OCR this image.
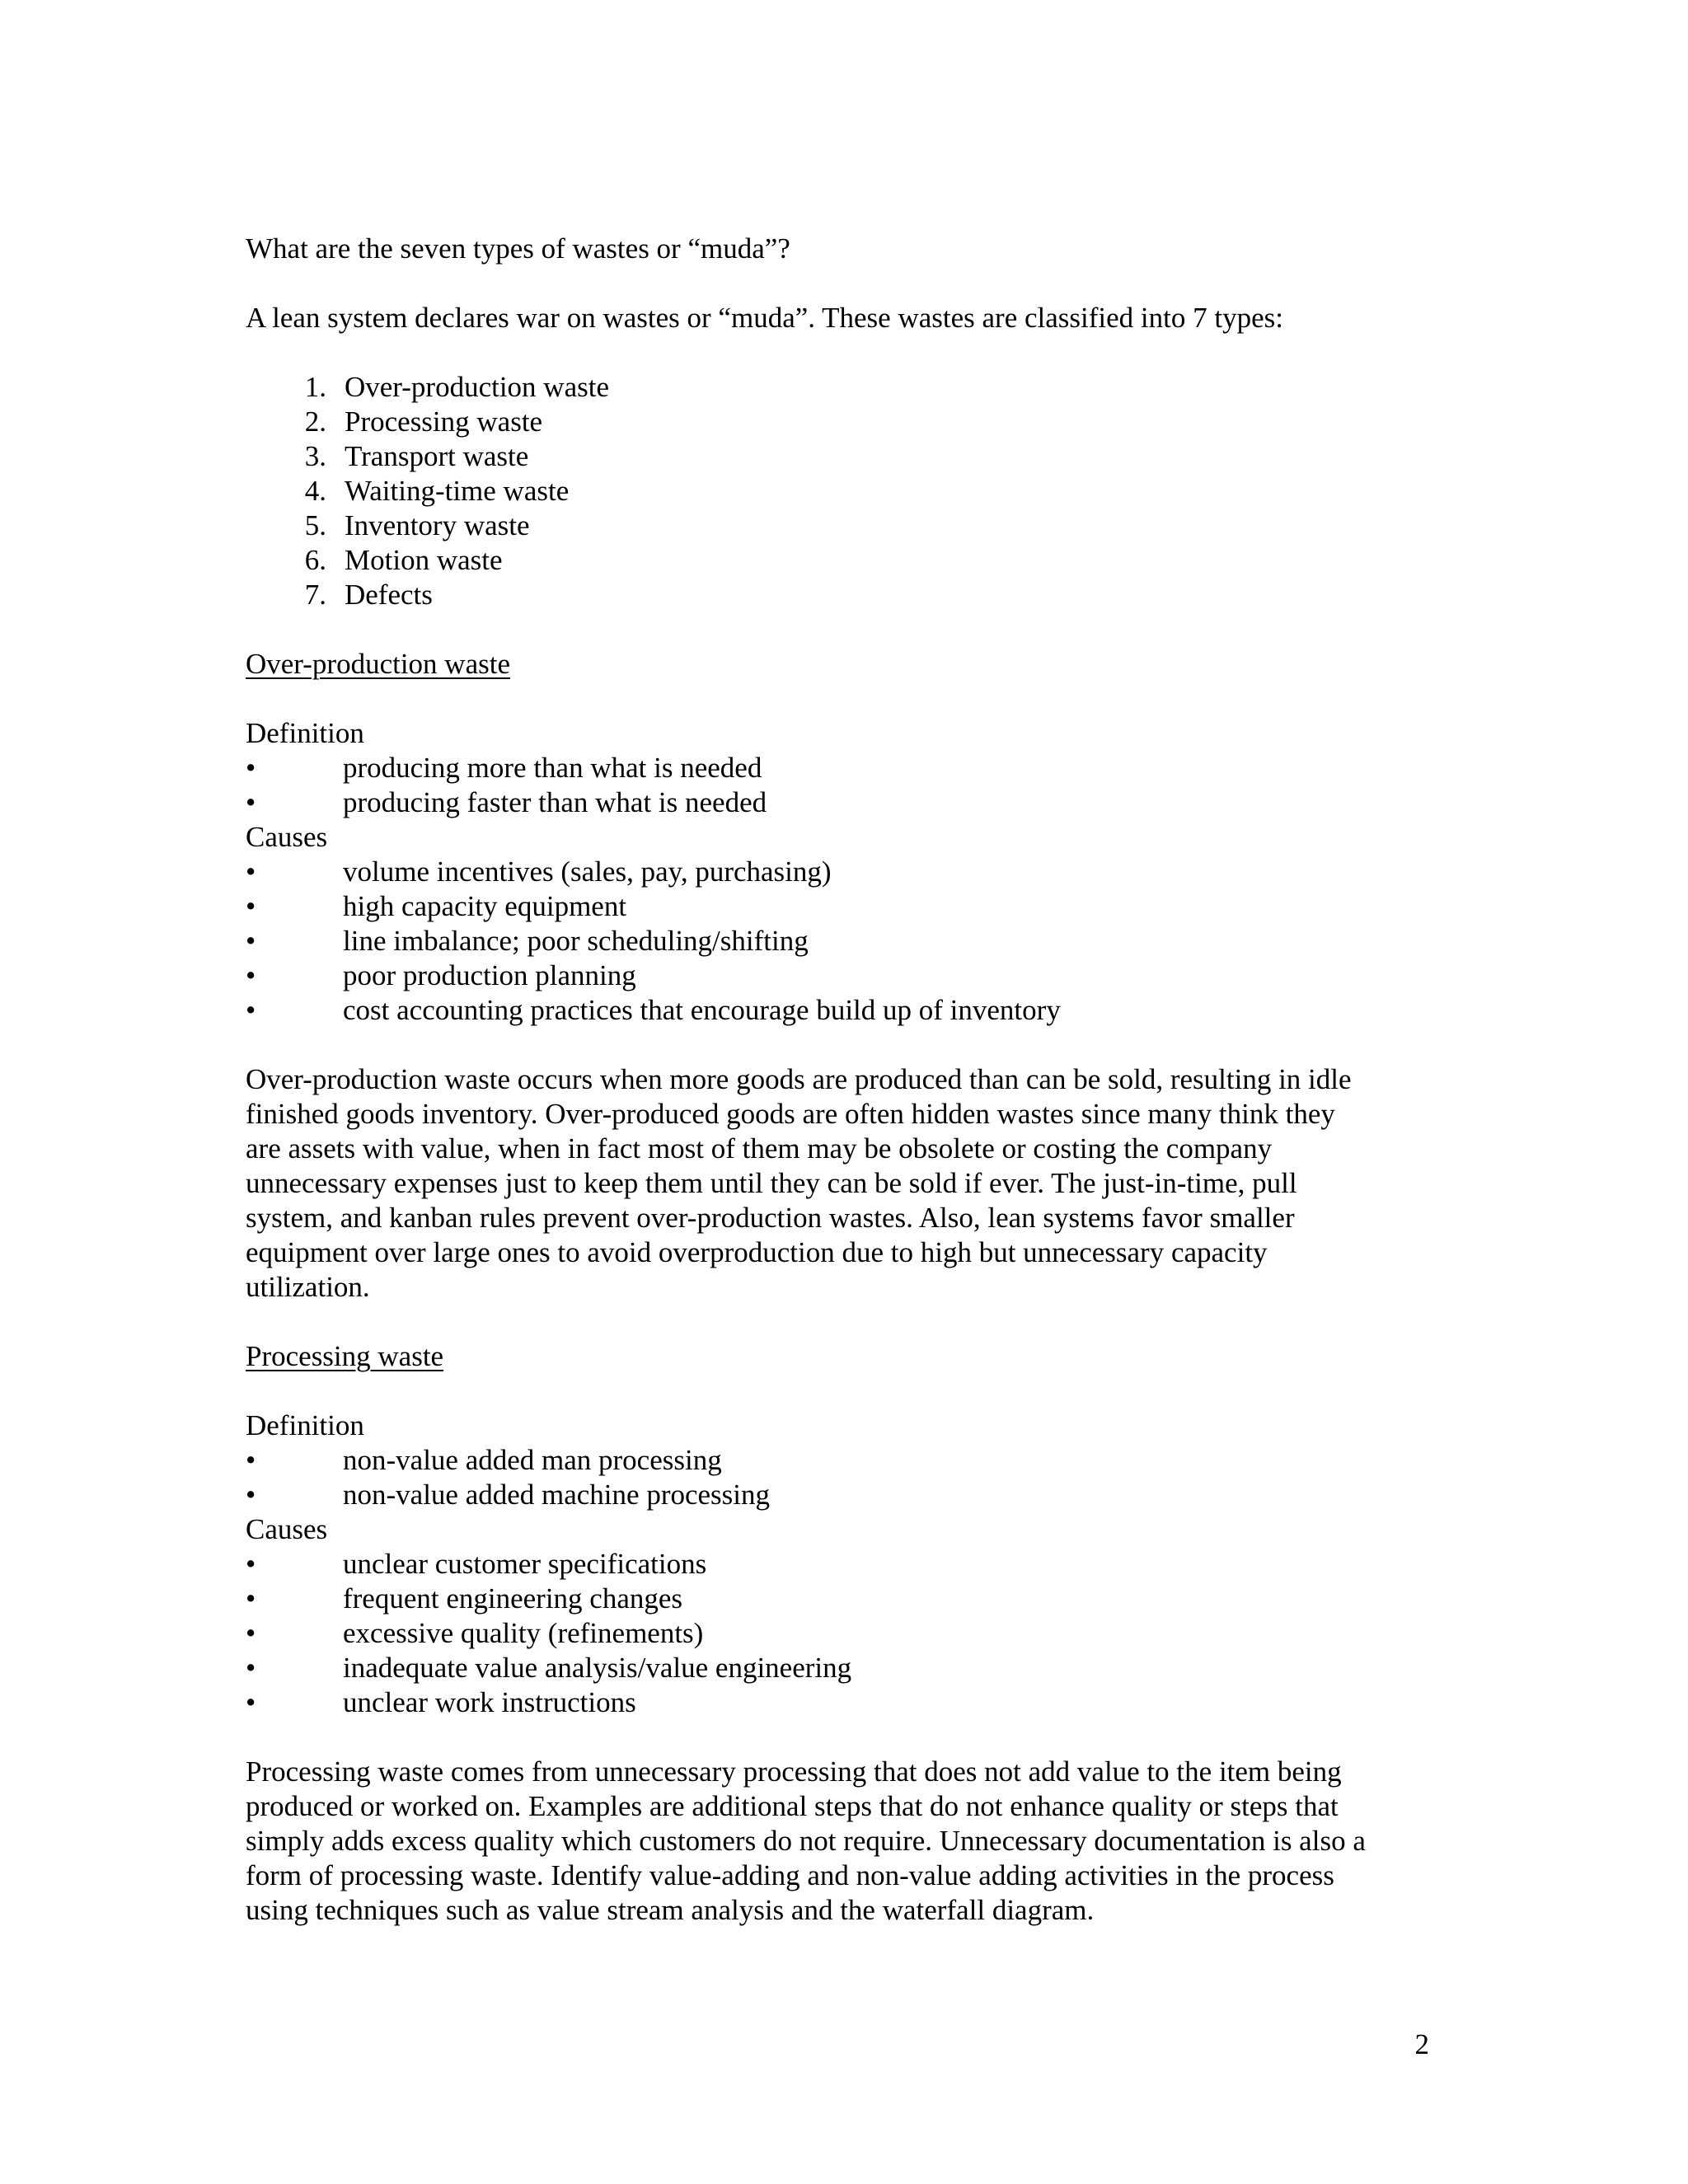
What are the seven types of wastes or “muda”?

A lean system declares war on wastes or “muda”. These wastes are classified into 7 types:

1. Over-production waste
2. Processing waste
3. Transport waste
4. Waiting-time waste
5. Inventory waste
6. Motion waste
7. Defects

Over-production waste

Definition

•	producing more than what is needed
•	producing faster than what is needed

Causes

•	volume incentives (sales, pay, purchasing)
•	high capacity equipment
•	line imbalance; poor scheduling/shifting
•	poor production planning
•	cost accounting practices that encourage build up of inventory
Over-production waste occurs when more goods are produced than can be sold, resulting in idle
finished goods inventory. Over-produced goods are often hidden wastes since many think they
are assets with value, when in fact most of them may be obsolete or costing the company
unnecessary expenses just to keep them until they can be sold if ever. The just-in-time, pull
system, and kanban rules prevent over-production wastes. Also, lean systems favor smaller
equipment over large ones to avoid overproduction due to high but unnecessary capacity
utilization.

Processing waste

Definition

•	non-value added man processing
•	non-value added machine processing

Causes

•	unclear customer specifications
•	frequent engineering changes
•	excessive quality (refinements)
•	inadequate value analysis/value engineering
•	unclear work instructions
Processing waste comes from unnecessary processing that does not add value to the item being
produced or worked on. Examples are additional steps that do not enhance quality or steps that
simply adds excess quality which customers do not require. Unnecessary documentation is also a
form of processing waste. Identify value-adding and non-value adding activities in the process
using techniques such as value stream analysis and the waterfall diagram.
2
